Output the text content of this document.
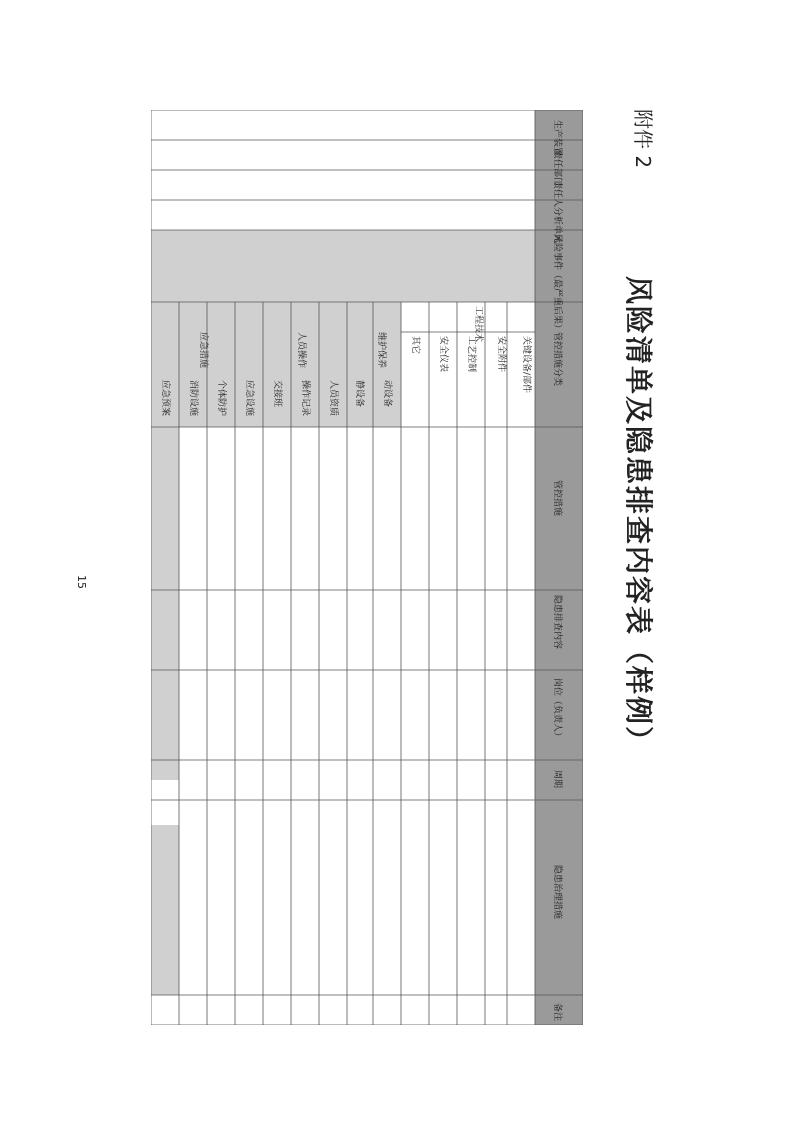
附件 2
风险清单及隐患排查内容表（样例）
15
生产装置
责任部门
责任人
分析单元
风险事件（最严重后果）
管控措施分类
管控措施
隐患排查内容
岗位（负责人）
周期
隐患治理措施
备注
工程技术
维护保养
人员操作
应急措施	关键设备/部件
安全附件
工艺控制
安全仪表
其它
动设备
静设备
人员资质
操作记录
交接班
应急设施
个体防护
消防设施
应急预案
